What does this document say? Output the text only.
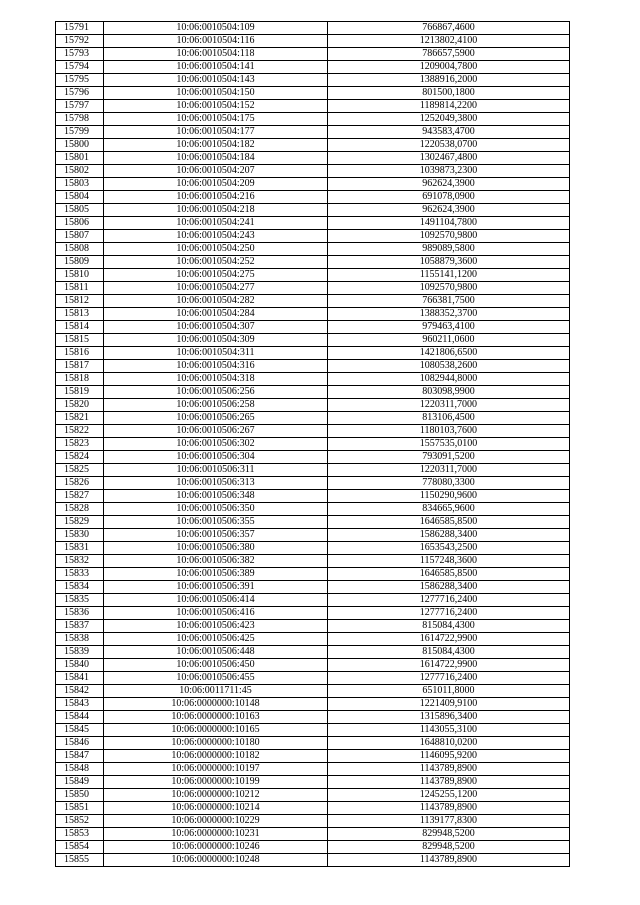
15791	10:06:0010504:109	766867,4600
15792	10:06:0010504:116	1213802,4100
15793	10:06:0010504:118	786657,5900
15794	10:06:0010504:141	1209004,7800
15795	10:06:0010504:143	1388916,2000
15796	10:06:0010504:150	801500,1800
15797	10:06:0010504:152	1189814,2200
15798	10:06:0010504:175	1252049,3800
15799	10:06:0010504:177	943583,4700
15800	10:06:0010504:182	1220538,0700
15801	10:06:0010504:184	1302467,4800
15802	10:06:0010504:207	1039873,2300
15803	10:06:0010504:209	962624,3900
15804	10:06:0010504:216	691078,0900
15805	10:06:0010504:218	962624,3900
15806	10:06:0010504:241	1491104,7800
15807	10:06:0010504:243	1092570,9800
15808	10:06:0010504:250	989089,5800
15809	10:06:0010504:252	1058879,3600
15810	10:06:0010504:275	1155141,1200
15811	10:06:0010504:277	1092570,9800
15812	10:06:0010504:282	766381,7500
15813	10:06:0010504:284	1388352,3700
15814	10:06:0010504:307	979463,4100
15815	10:06:0010504:309	960211,0600
15816	10:06:0010504:311	1421806,6500
15817	10:06:0010504:316	1080538,2600
15818	10:06:0010504:318	1082944,8000
15819	10:06:0010506:256	803098,9900
15820	10:06:0010506:258	1220311,7000
15821	10:06:0010506:265	813106,4500
15822	10:06:0010506:267	1180103,7600
15823	10:06:0010506:302	1557535,0100
15824	10:06:0010506:304	793091,5200
15825	10:06:0010506:311	1220311,7000
15826	10:06:0010506:313	778080,3300
15827	10:06:0010506:348	1150290,9600
15828	10:06:0010506:350	834665,9600
15829	10:06:0010506:355	1646585,8500
15830	10:06:0010506:357	1586288,3400
15831	10:06:0010506:380	1653543,2500
15832	10:06:0010506:382	1157248,3600
15833	10:06:0010506:389	1646585,8500
15834	10:06:0010506:391	1586288,3400
15835	10:06:0010506:414	1277716,2400
15836	10:06:0010506:416	1277716,2400
15837	10:06:0010506:423	815084,4300
15838	10:06:0010506:425	1614722,9900
15839	10:06:0010506:448	815084,4300
15840	10:06:0010506:450	1614722,9900
15841	10:06:0010506:455	1277716,2400
15842	10:06:0011711:45	651011,8000
15843	10:06:0000000:10148	1221409,9100
15844	10:06:0000000:10163	1315896,3400
15845	10:06:0000000:10165	1143055,3100
15846	10:06:0000000:10180	1648810,0200
15847	10:06:0000000:10182	1146095,9200
15848	10:06:0000000:10197	1143789,8900
15849	10:06:0000000:10199	1143789,8900
15850	10:06:0000000:10212	1245255,1200
15851	10:06:0000000:10214	1143789,8900
15852	10:06:0000000:10229	1139177,8300
15853	10:06:0000000:10231	829948,5200
15854	10:06:0000000:10246	829948,5200
15855	10:06:0000000:10248	1143789,8900
